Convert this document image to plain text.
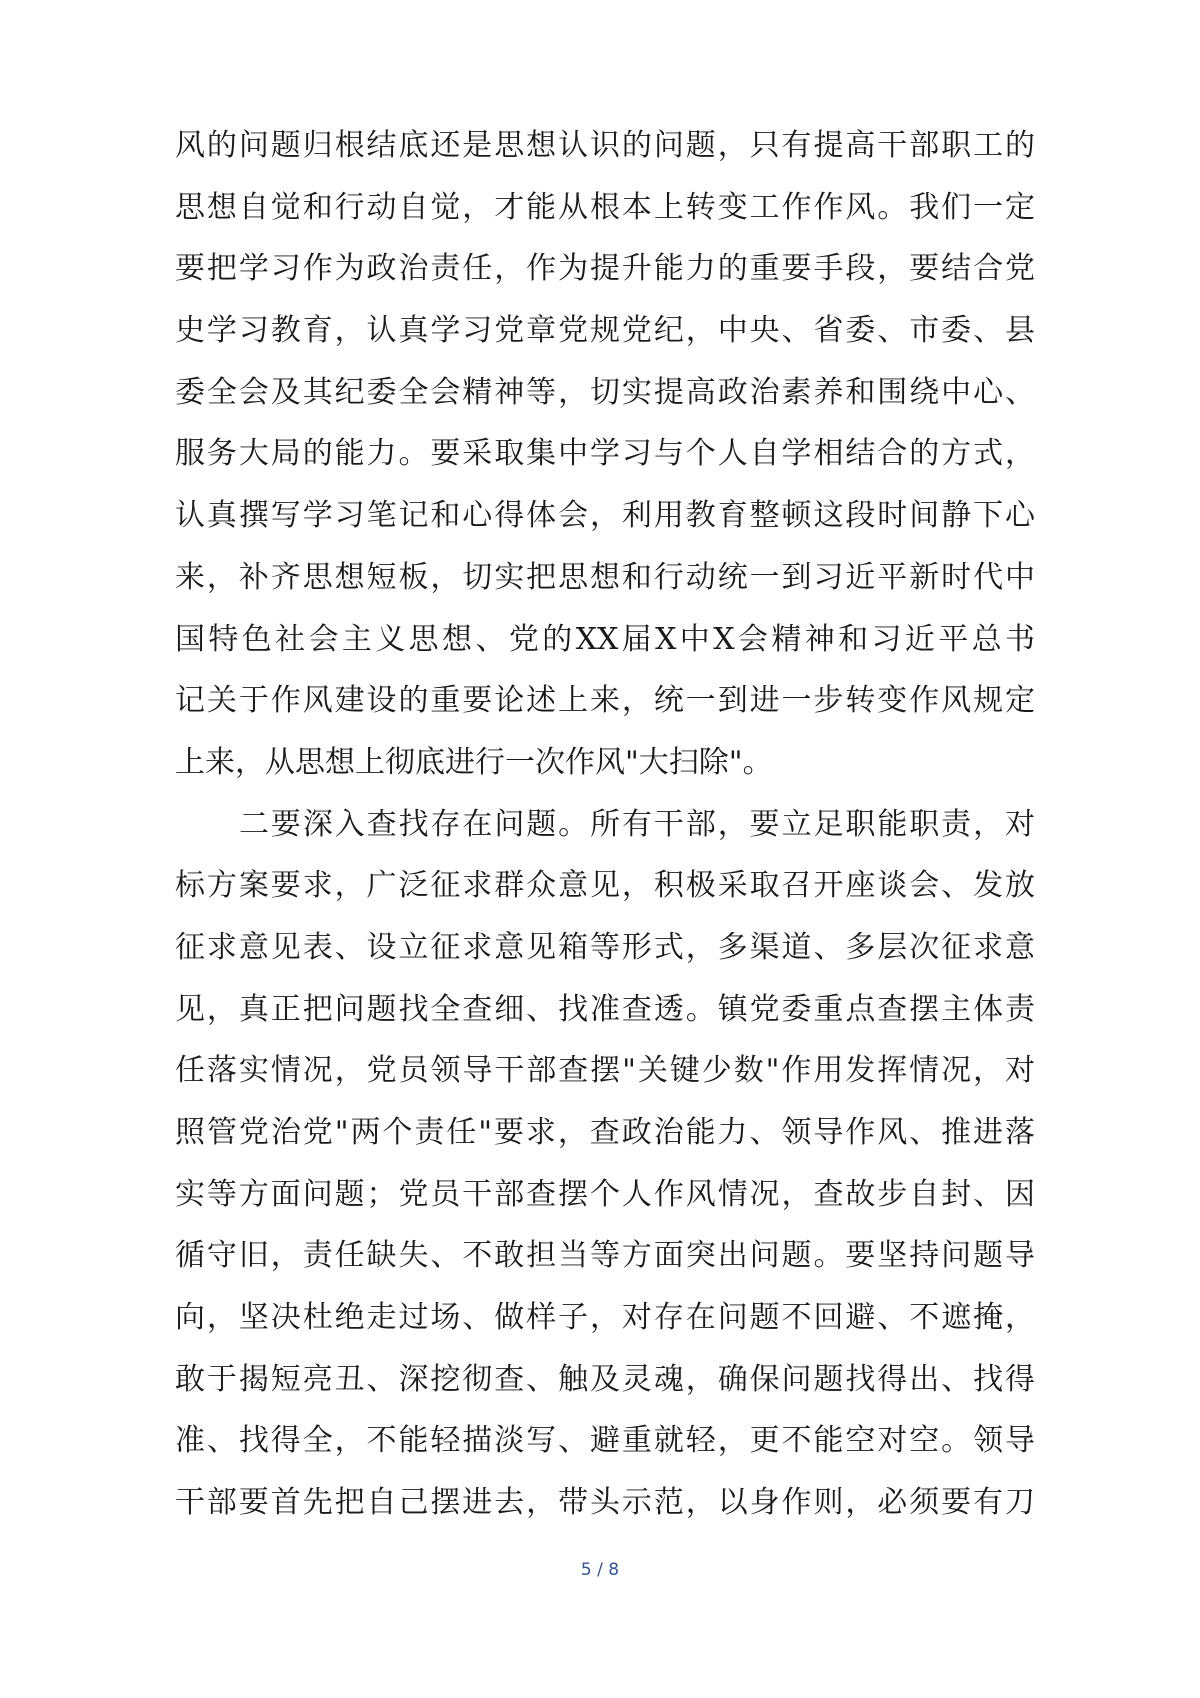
风的问题归根结底还是思想认识的问题，只有提高干部职工的
思想自觉和行动自觉，才能从根本上转变工作作风。我们一定
要把学习作为政治责任，作为提升能力的重要手段，要结合党
史学习教育，认真学习党章党规党纪，中央、省委、市委、县
委全会及其纪委全会精神等，切实提高政治素养和围绕中心、
服务大局的能力。要采取集中学习与个人自学相结合的方式，
认真撰写学习笔记和心得体会，利用教育整顿这段时间静下心
来，补齐思想短板，切实把思想和行动统一到习近平新时代中
国特色社会主义思想、党的XX届X中X会精神和习近平总书
记关于作风建设的重要论述上来，统一到进一步转变作风规定
上来，从思想上彻底进行一次作风"大扫除"。
二要深入查找存在问题。所有干部，要立足职能职责，对
标方案要求，广泛征求群众意见，积极采取召开座谈会、发放
征求意见表、设立征求意见箱等形式，多渠道、多层次征求意
见，真正把问题找全查细、找准查透。镇党委重点查摆主体责
任落实情况，党员领导干部查摆"关键少数"作用发挥情况，对
照管党治党"两个责任"要求，查政治能力、领导作风、推进落
实等方面问题；党员干部查摆个人作风情况，查故步自封、因
循守旧，责任缺失、不敢担当等方面突出问题。要坚持问题导
向，坚决杜绝走过场、做样子，对存在问题不回避、不遮掩，
敢于揭短亮丑、深挖彻查、触及灵魂，确保问题找得出、找得
准、找得全，不能轻描淡写、避重就轻，更不能空对空。领导
干部要首先把自己摆进去，带头示范，以身作则，必须要有刀
5 / 8
